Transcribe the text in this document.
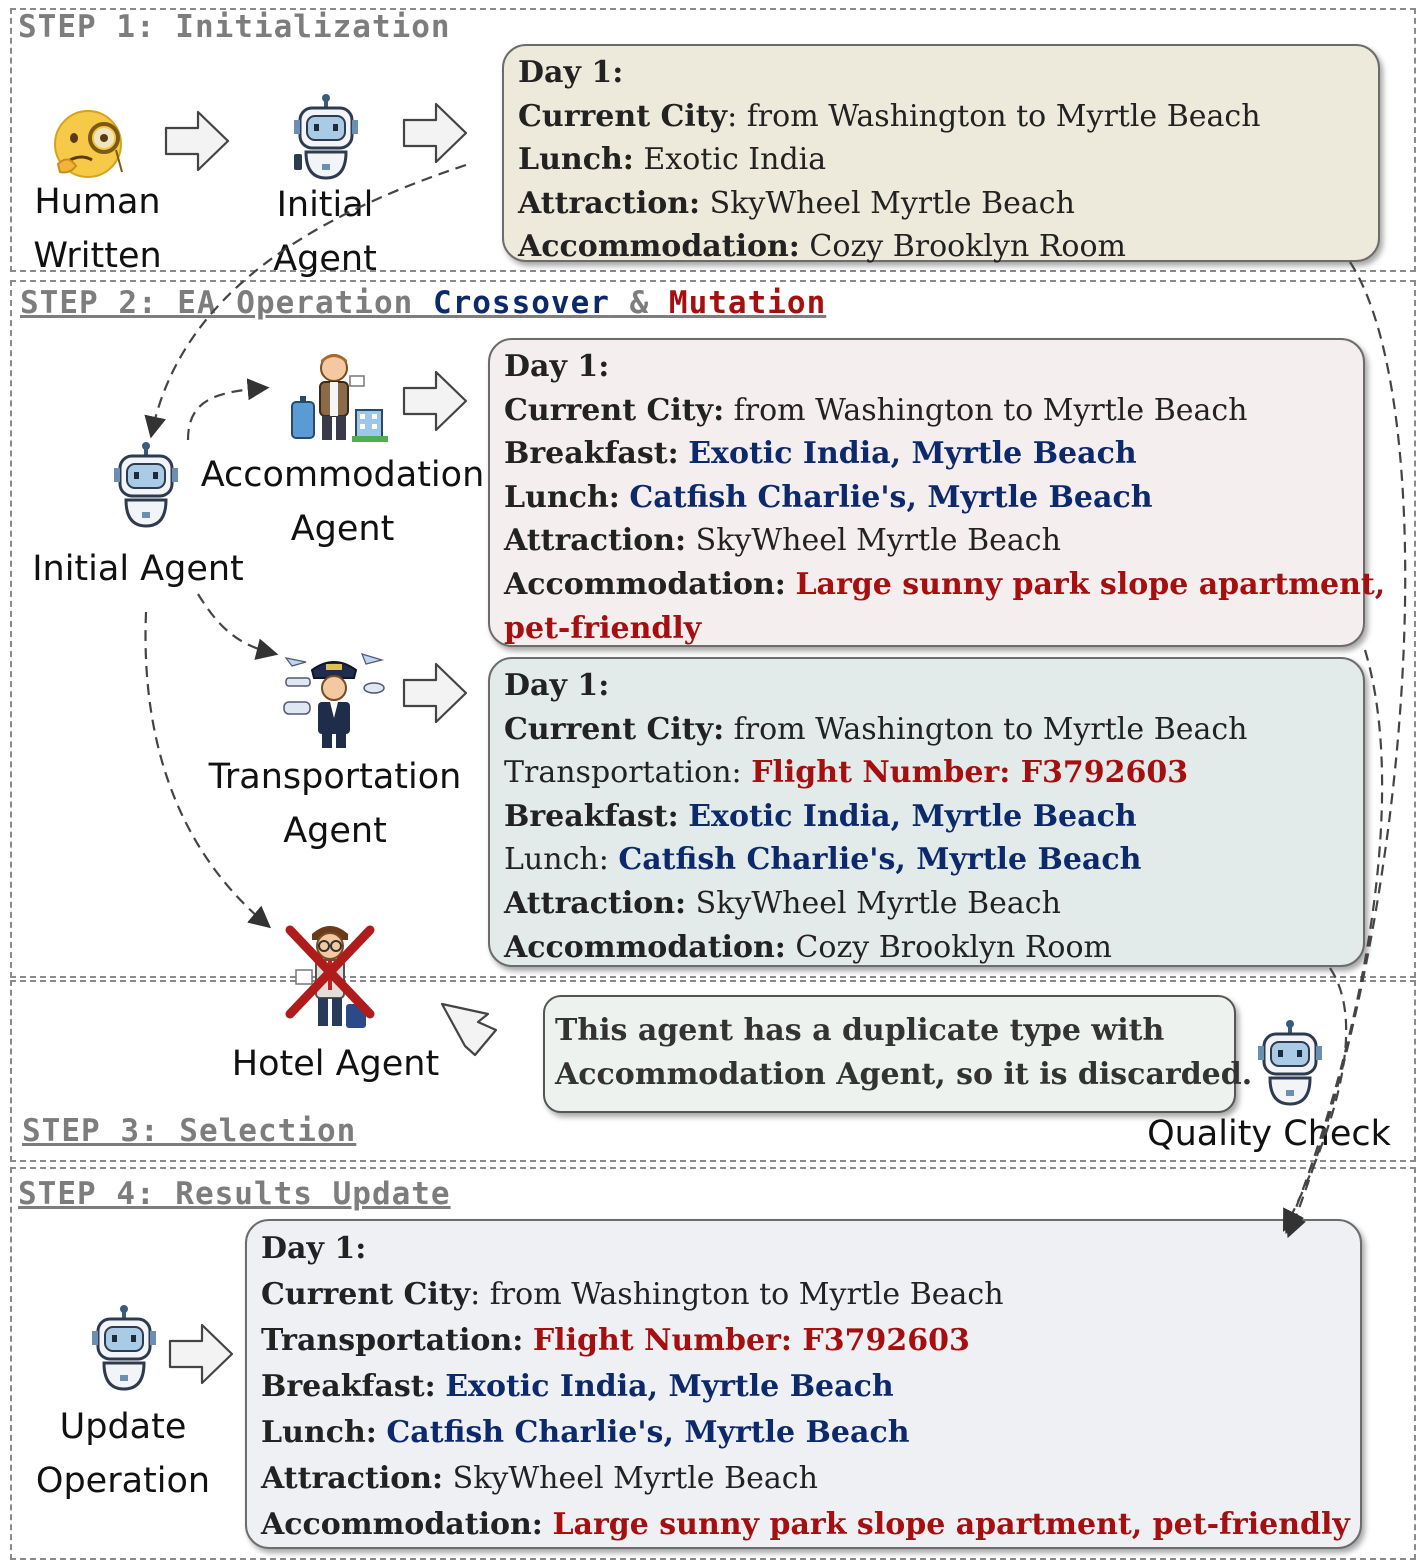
STEP 1: Initialization
STEP 2: EA Operation Crossover & Mutation
STEP 3: Selection
STEP 4: Results Update
Day 1:
Current City: from Washington to Myrtle Beach
Lunch: Exotic India
Attraction: SkyWheel Myrtle Beach
Accommodation: Cozy Brooklyn Room
Day 1:
Current City: from Washington to Myrtle Beach
Breakfast: Exotic India, Myrtle Beach
Lunch: Catfish Charlie's, Myrtle Beach
Attraction: SkyWheel Myrtle Beach
Accommodation: Large sunny park slope apartment,
pet-friendly
Day 1:
Current City: from Washington to Myrtle Beach
Transportation: Flight Number: F3792603
Breakfast: Exotic India, Myrtle Beach
Lunch: Catfish Charlie's, Myrtle Beach
Attraction: SkyWheel Myrtle Beach
Accommodation: Cozy Brooklyn Room
Day 1:
Current City: from Washington to Myrtle Beach
Transportation: Flight Number: F3792603
Breakfast: Exotic India, Myrtle Beach
Lunch: Catfish Charlie's, Myrtle Beach
Attraction: SkyWheel Myrtle Beach
Accommodation: Large sunny park slope apartment, pet-friendly
This agent has a duplicate type with
Accommodation Agent, so it is discarded.
Human
Written
Initial
Agent
Initial Agent
Accommodation
Agent
Transportation
Agent
Hotel Agent
Quality Check
Update
Operation
